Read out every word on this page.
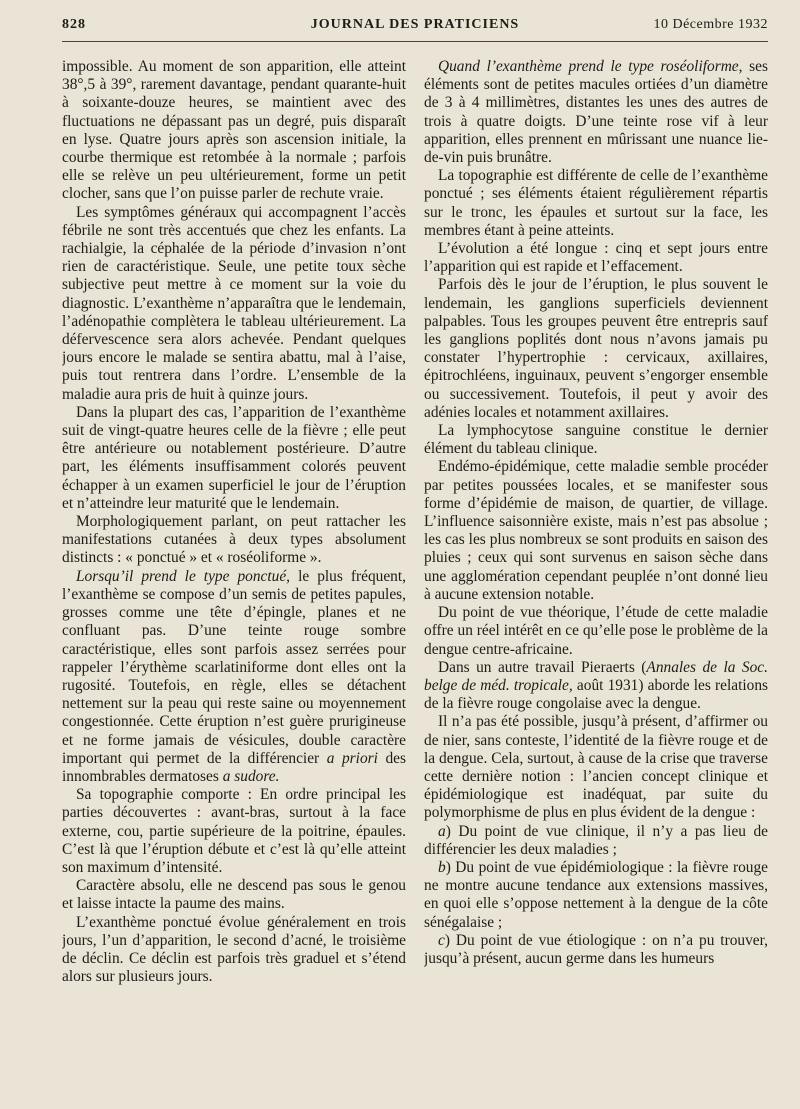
828	JOURNAL DES PRATICIENS	10 Décembre 1932

impossible. Au moment de son apparition, elle atteint 38°,5 à 39°, rarement davantage, pendant quarante-huit à soixante-douze heures, se maintient avec des fluctuations ne dépassant pas un degré, puis disparaît en lyse. Quatre jours après son ascension initiale, la courbe thermique est retombée à la normale ; parfois elle se relève un peu ultérieurement, forme un petit clocher, sans que l’on puisse parler de rechute vraie.

Les symptômes généraux qui accompagnent l’accès fébrile ne sont très accentués que chez les enfants. La rachialgie, la céphalée de la période d’invasion n’ont rien de caractéristique. Seule, une petite toux sèche subjective peut mettre à ce moment sur la voie du diagnostic. L’exanthème n’apparaîtra que le lendemain, l’adénopathie complètera le tableau ultérieurement. La défervescence sera alors achevée. Pendant quelques jours encore le malade se sentira abattu, mal à l’aise, puis tout rentrera dans l’ordre. L’ensemble de la maladie aura pris de huit à quinze jours.

Dans la plupart des cas, l’apparition de l’exanthème suit de vingt-quatre heures celle de la fièvre ; elle peut être antérieure ou notablement postérieure. D’autre part, les éléments insuffisamment colorés peuvent échapper à un examen superficiel le jour de l’éruption et n’atteindre leur maturité que le lendemain.

Morphologiquement parlant, on peut rattacher les manifestations cutanées à deux types absolument distincts : « ponctué » et « roséoliforme ».

Lorsqu’il prend le type ponctué, le plus fréquent, l’exanthème se compose d’un semis de petites papules, grosses comme une tête d’épingle, planes et ne confluant pas. D’une teinte rouge sombre caractéristique, elles sont parfois assez serrées pour rappeler l’érythème scarlatiniforme dont elles ont la rugosité. Toutefois, en règle, elles se détachent nettement sur la peau qui reste saine ou moyennement congestionnée. Cette éruption n’est guère prurigineuse et ne forme jamais de vésicules, double caractère important qui permet de la différencier a priori des innombrables dermatoses a sudore.

Sa topographie comporte : En ordre principal les parties découvertes : avant-bras, surtout à la face externe, cou, partie supérieure de la poitrine, épaules. C’est là que l’éruption débute et c’est là qu’elle atteint son maximum d’intensité.

Caractère absolu, elle ne descend pas sous le genou et laisse intacte la paume des mains.

L’exanthème ponctué évolue généralement en trois jours, l’un d’apparition, le second d’acné, le troisième de déclin. Ce déclin est parfois très graduel et s’étend alors sur plusieurs jours.

Quand l’exanthème prend le type roséoliforme, ses éléments sont de petites macules ortiées d’un diamètre de 3 à 4 millimètres, distantes les unes des autres de trois à quatre doigts. D’une teinte rose vif à leur apparition, elles prennent en mûrissant une nuance lie-de-vin puis brunâtre.

La topographie est différente de celle de l’exanthème ponctué ; ses éléments étaient régulièrement répartis sur le tronc, les épaules et surtout sur la face, les membres étant à peine atteints.

L’évolution a été longue : cinq et sept jours entre l’apparition qui est rapide et l’effacement.

Parfois dès le jour de l’éruption, le plus souvent le lendemain, les ganglions superficiels deviennent palpables. Tous les groupes peuvent être entrepris sauf les ganglions poplités dont nous n’avons jamais pu constater l’hypertrophie : cervicaux, axillaires, épitrochléens, inguinaux, peuvent s’engorger ensemble ou successivement. Toutefois, il peut y avoir des adénies locales et notamment axillaires.

La lymphocytose sanguine constitue le dernier élément du tableau clinique.

Endémo-épidémique, cette maladie semble procéder par petites poussées locales, et se manifester sous forme d’épidémie de maison, de quartier, de village. L’influence saisonnière existe, mais n’est pas absolue ; les cas les plus nombreux se sont produits en saison des pluies ; ceux qui sont survenus en saison sèche dans une agglomération cependant peuplée n’ont donné lieu à aucune extension notable.

Du point de vue théorique, l’étude de cette maladie offre un réel intérêt en ce qu’elle pose le problème de la dengue centre-africaine.

Dans un autre travail Pieraerts (Annales de la Soc. belge de méd. tropicale, août 1931) aborde les relations de la fièvre rouge congolaise avec la dengue.

Il n’a pas été possible, jusqu’à présent, d’affirmer ou de nier, sans conteste, l’identité de la fièvre rouge et de la dengue. Cela, surtout, à cause de la crise que traverse cette dernière notion : l’ancien concept clinique et épidémiologique est inadéquat, par suite du polymorphisme de plus en plus évident de la dengue :

a) Du point de vue clinique, il n’y a pas lieu de différencier les deux maladies ;

b) Du point de vue épidémiologique : la fièvre rouge ne montre aucune tendance aux extensions massives, en quoi elle s’oppose nettement à la dengue de la côte sénégalaise ;

c) Du point de vue étiologique : on n’a pu trouver, jusqu’à présent, aucun germe dans les humeurs
